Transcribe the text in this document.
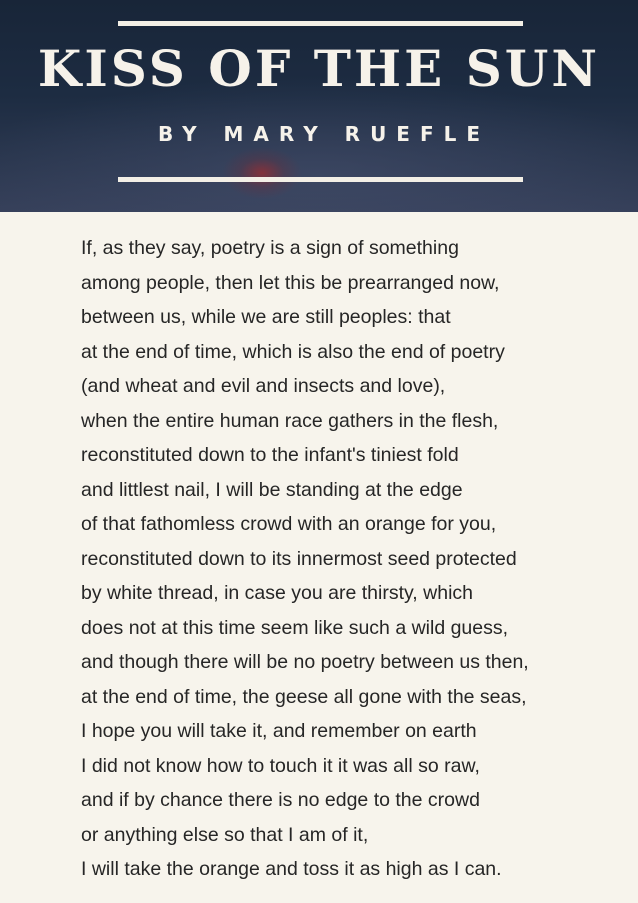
KISS OF THE SUN
BY MARY RUEFLE
If, as they say, poetry is a sign of something
among people, then let this be prearranged now,
between us, while we are still peoples: that
at the end of time, which is also the end of poetry
(and wheat and evil and insects and love),
when the entire human race gathers in the flesh,
reconstituted down to the infant's tiniest fold
and littlest nail, I will be standing at the edge
of that fathomless crowd with an orange for you,
reconstituted down to its innermost seed protected
by white thread, in case you are thirsty, which
does not at this time seem like such a wild guess,
and though there will be no poetry between us then,
at the end of time, the geese all gone with the seas,
I hope you will take it, and remember on earth
I did not know how to touch it it was all so raw,
and if by chance there is no edge to the crowd
or anything else so that I am of it,
I will take the orange and toss it as high as I can.
